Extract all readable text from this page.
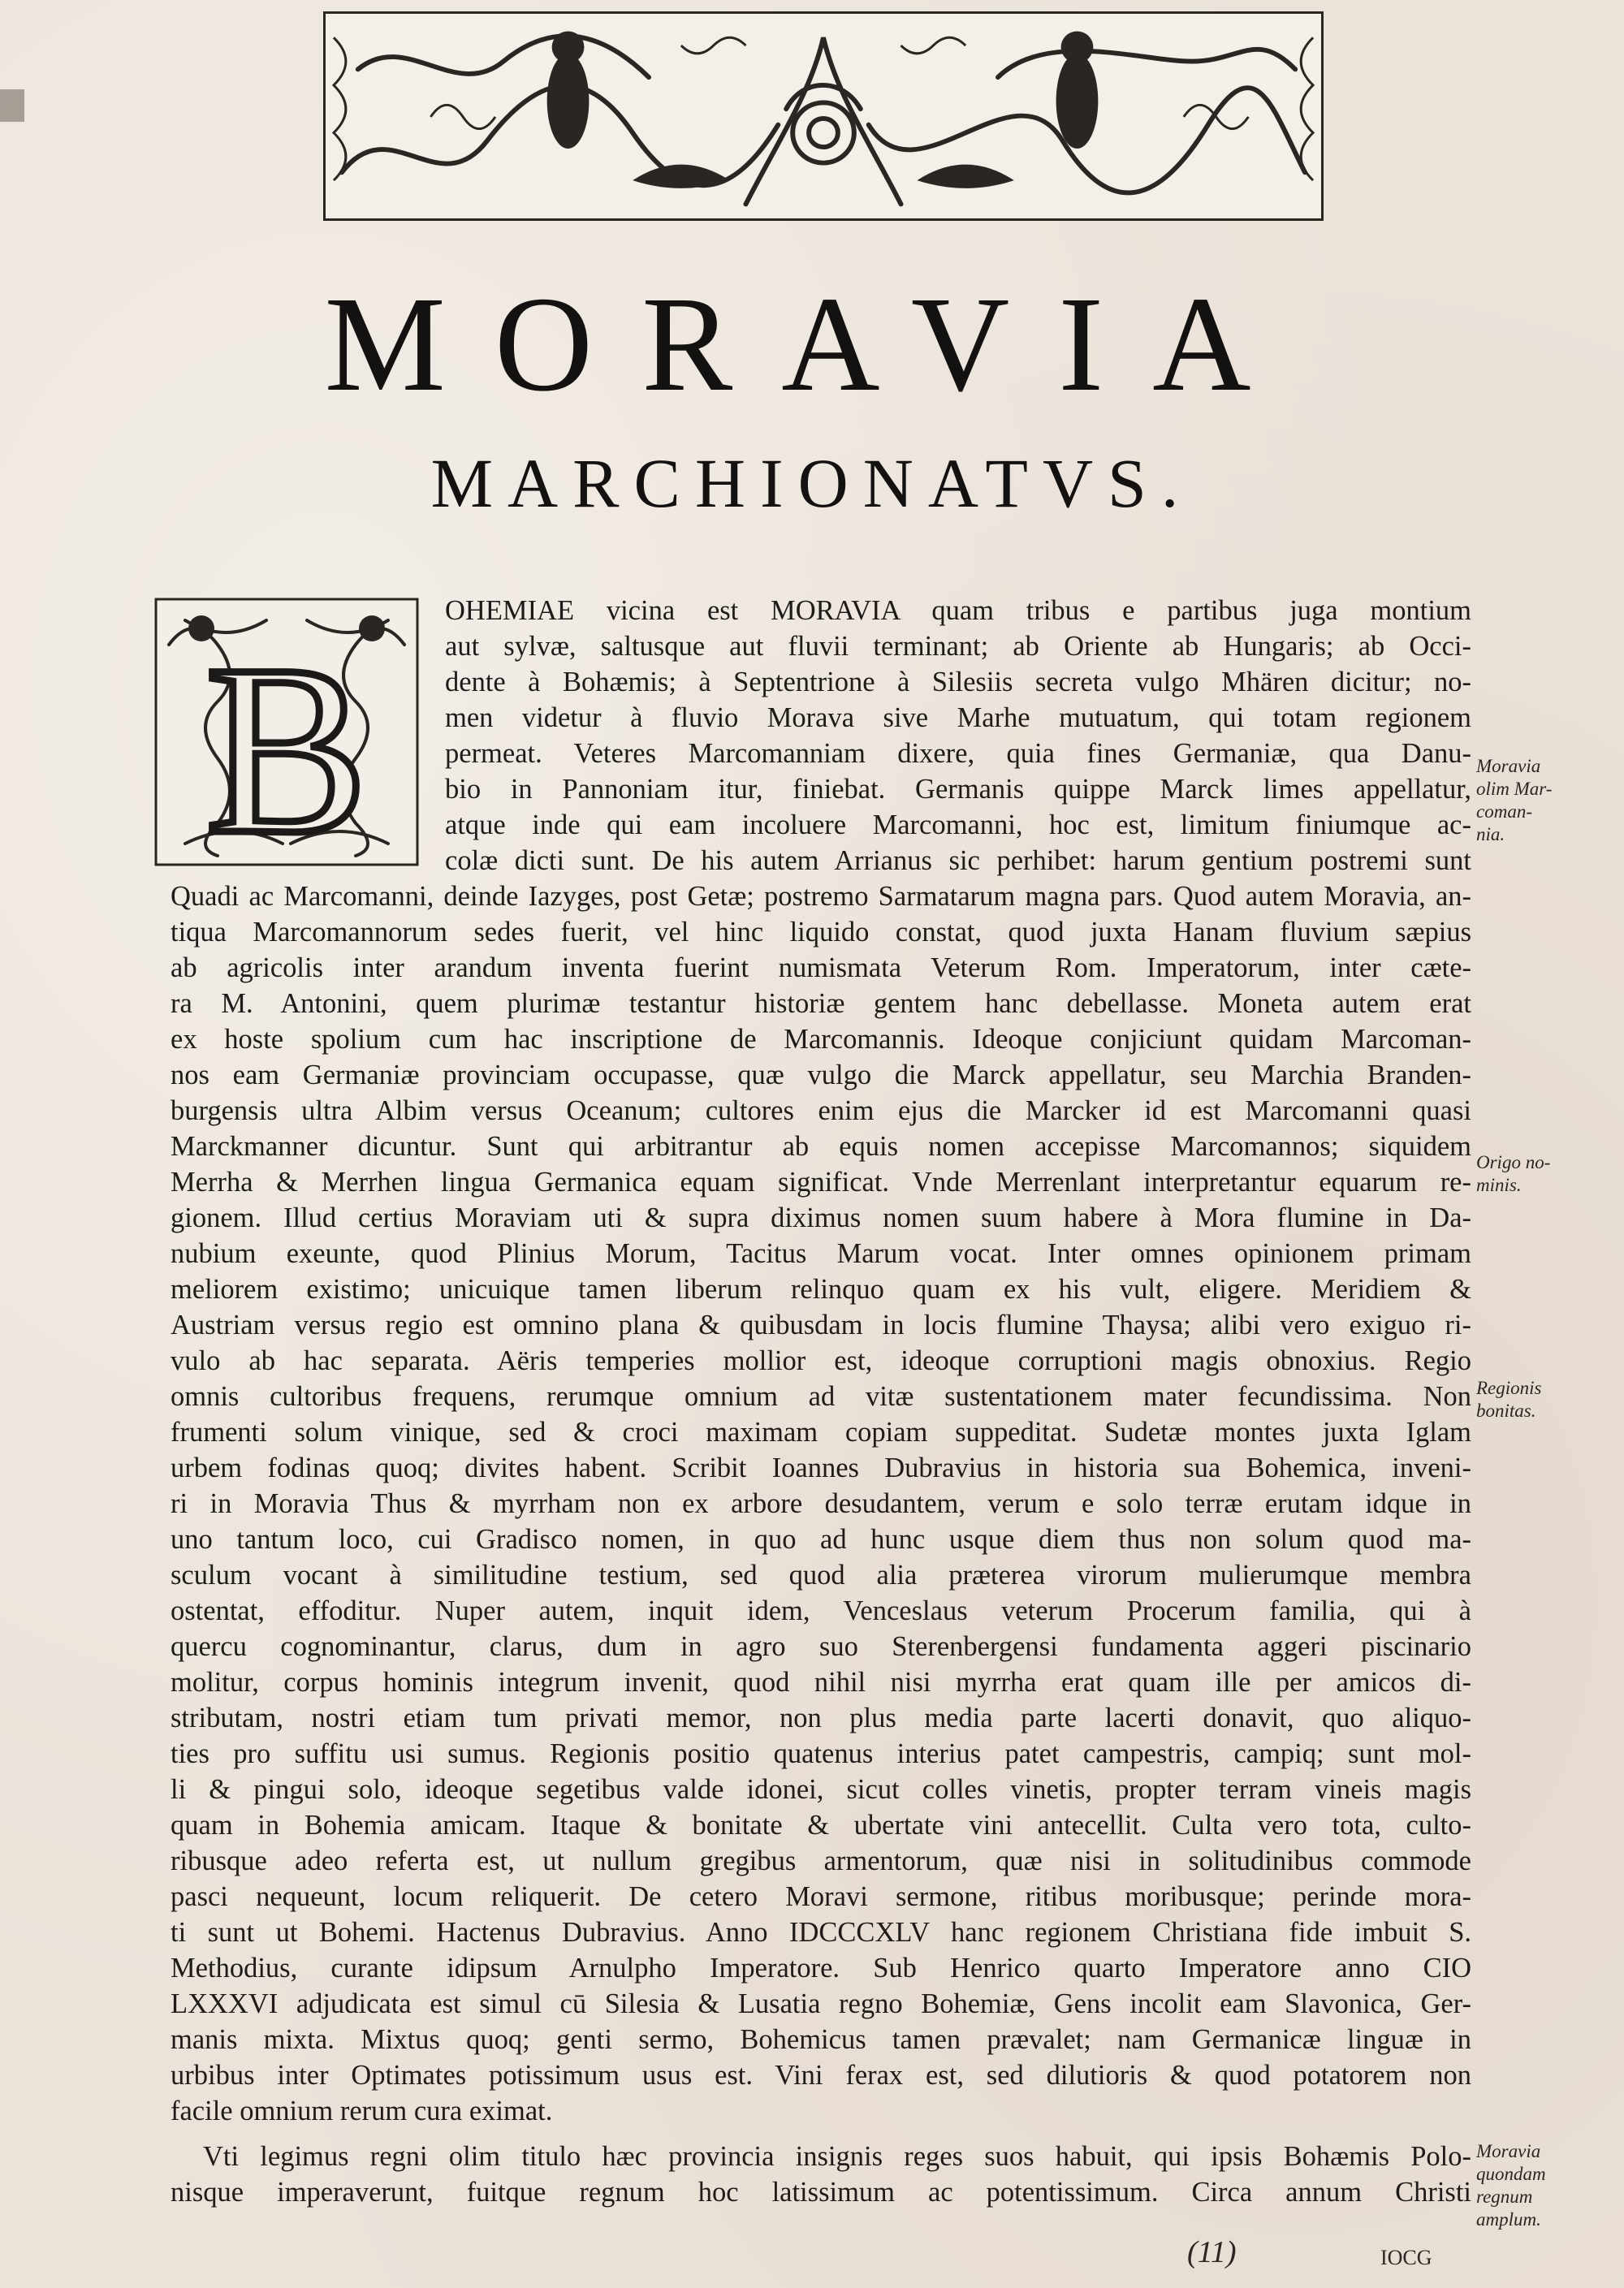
MORAVIA
MARCHIONATVS.
B
OHEMIAE vicina est MORAVIA quam tribus e partibus juga montium
aut sylvæ, saltusque aut fluvii terminant; ab Oriente ab Hungaris; ab Occi-
dente à Bohæmis; à Septentrione à Silesiis secreta vulgo Mhären dicitur; no-
men videtur à fluvio Morava sive Marhe mutuatum, qui totam regionem
permeat. Veteres Marcomanniam dixere, quia fines Germaniæ, qua Danu-
bio in Pannoniam itur, finiebat. Germanis quippe Marck limes appellatur,
atque inde qui eam incoluere Marcomanni, hoc est, limitum finiumque ac-
colæ dicti sunt. De his autem Arrianus sic perhibet: harum gentium postremi sunt
Quadi ac Marcomanni, deinde Iazyges, post Getæ; postremo Sarmatarum magna pars. Quod autem Moravia, an-
tiqua Marcomannorum sedes fuerit, vel hinc liquido constat, quod juxta Hanam fluvium sæpius
ab agricolis inter arandum inventa fuerint numismata Veterum Rom. Imperatorum, inter cæte-
ra M. Antonini, quem plurimæ testantur historiæ gentem hanc debellasse. Moneta autem erat
ex hoste spolium cum hac inscriptione de Marcomannis. Ideoque conjiciunt quidam Marcoman-
nos eam Germaniæ provinciam occupasse, quæ vulgo die Marck appellatur, seu Marchia Branden-
burgensis ultra Albim versus Oceanum; cultores enim ejus die Marcker id est Marcomanni quasi
Marckmanner dicuntur. Sunt qui arbitrantur ab equis nomen accepisse Marcomannos; siquidem
Merrha & Merrhen lingua Germanica equam significat. Vnde Merrenlant interpretantur equarum re-
gionem. Illud certius Moraviam uti & supra diximus nomen suum habere à Mora flumine in Da-
nubium exeunte, quod Plinius Morum, Tacitus Marum vocat. Inter omnes opinionem primam
meliorem existimo; unicuique tamen liberum relinquo quam ex his vult, eligere. Meridiem &
Austriam versus regio est omnino plana & quibusdam in locis flumine Thaysa; alibi vero exiguo ri-
vulo ab hac separata. Aëris temperies mollior est, ideoque corruptioni magis obnoxius. Regio
omnis cultoribus frequens, rerumque omnium ad vitæ sustentationem mater fecundissima. Non
frumenti solum vinique, sed & croci maximam copiam suppeditat. Sudetæ montes juxta Iglam
urbem fodinas quoq; divites habent. Scribit Ioannes Dubravius in historia sua Bohemica, inveni-
ri in Moravia Thus & myrrham non ex arbore desudantem, verum e solo terræ erutam idque in
uno tantum loco, cui Gradisco nomen, in quo ad hunc usque diem thus non solum quod ma-
sculum vocant à similitudine testium, sed quod alia præterea virorum mulierumque membra
ostentat, effoditur. Nuper autem, inquit idem, Venceslaus veterum Procerum familia, qui à
quercu cognominantur, clarus, dum in agro suo Sterenbergensi fundamenta aggeri piscinario
molitur, corpus hominis integrum invenit, quod nihil nisi myrrha erat quam ille per amicos di-
stributam, nostri etiam tum privati memor, non plus media parte lacerti donavit, quo aliquo-
ties pro suffitu usi sumus. Regionis positio quatenus interius patet campestris, campiq; sunt mol-
li & pingui solo, ideoque segetibus valde idonei, sicut colles vinetis, propter terram vineis magis
quam in Bohemia amicam. Itaque & bonitate & ubertate vini antecellit. Culta vero tota, culto-
ribusque adeo referta est, ut nullum gregibus armentorum, quæ nisi in solitudinibus commode
pasci nequeunt, locum reliquerit. De cetero Moravi sermone, ritibus moribusque; perinde mora-
ti sunt ut Bohemi. Hactenus Dubravius. Anno IDCCCXLV hanc regionem Christiana fide imbuit S.
Methodius, curante idipsum Arnulpho Imperatore. Sub Henrico quarto Imperatore anno CIO
LXXXVI adjudicata est simul cū Silesia & Lusatia regno Bohemiæ, Gens incolit eam Slavonica, Ger-
manis mixta. Mixtus quoq; genti sermo, Bohemicus tamen prævalet; nam Germanicæ linguæ in
urbibus inter Optimates potissimum usus est. Vini ferax est, sed dilutioris & quod potatorem non
facile omnium rerum cura eximat.
Vti legimus regni olim titulo hæc provincia insignis reges suos habuit, qui ipsis Bohæmis Polo-
nisque imperaverunt, fuitque regnum hoc latissimum ac potentissimum. Circa annum Christi
Moravia
olim Mar-
coman-
nia.
Origo no-
minis.
Regionis
bonitas.
Moravia
quondam
regnum
amplum.
(11)	IOCG
